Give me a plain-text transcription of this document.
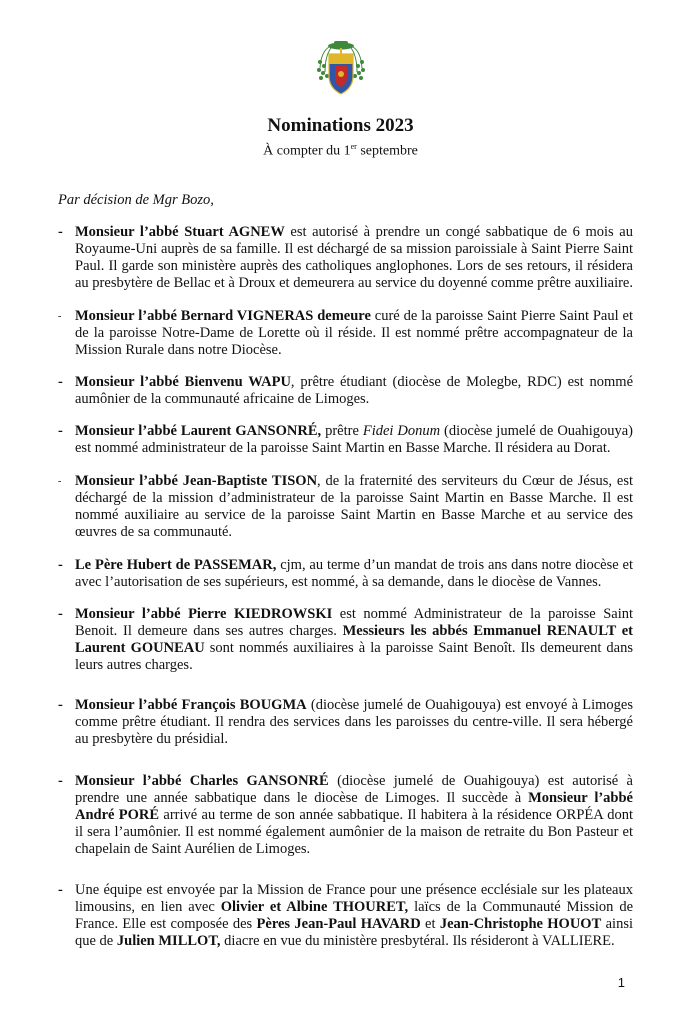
Nominations 2023
À compter du 1er septembre
Par décision de Mgr Bozo,
- Monsieur l’abbé Stuart AGNEW est autorisé à prendre un congé sabbatique de 6 mois au Royaume-Uni auprès de sa famille. Il est déchargé de sa mission paroissiale à Saint Pierre Saint Paul. Il garde son ministère auprès des catholiques anglophones. Lors de ses retours, il résidera au presbytère de Bellac et à Droux et demeurera au service du doyenné comme prêtre auxiliaire.
- Monsieur l’abbé Bernard VIGNERAS demeure curé de la paroisse Saint Pierre Saint Paul et de la paroisse Notre-Dame de Lorette où il réside. Il est nommé prêtre accompagnateur de la Mission Rurale dans notre Diocèse.
- Monsieur l’abbé Bienvenu WAPU, prêtre étudiant (diocèse de Molegbe, RDC) est nommé aumônier de la communauté africaine de Limoges.
- Monsieur l’abbé Laurent GANSONRÉ, prêtre Fidei Donum (diocèse jumelé de Ouahigouya) est nommé administrateur de la paroisse Saint Martin en Basse Marche. Il résidera au Dorat.
- Monsieur l’abbé Jean-Baptiste TISON, de la fraternité des serviteurs du Cœur de Jésus, est déchargé de la mission d’administrateur de la paroisse Saint Martin en Basse Marche. Il est nommé auxiliaire au service de la paroisse Saint Martin en Basse Marche et au service des œuvres de sa communauté.
- Le Père Hubert de PASSEMAR, cjm, au terme d’un mandat de trois ans dans notre diocèse et avec l’autorisation de ses supérieurs, est nommé, à sa demande, dans le diocèse de Vannes.
- Monsieur l’abbé Pierre KIEDROWSKI est nommé Administrateur de la paroisse Saint Benoit. Il demeure dans ses autres charges. Messieurs les abbés Emmanuel RENAULT et Laurent GOUNEAU sont nommés auxiliaires à la paroisse Saint Benoît. Ils demeurent dans leurs autres charges.
- Monsieur l’abbé François BOUGMA (diocèse jumelé de Ouahigouya) est envoyé à Limoges comme prêtre étudiant. Il rendra des services dans les paroisses du centre-ville. Il sera hébergé au presbytère du présidial.
- Monsieur l’abbé Charles GANSONRÉ (diocèse jumelé de Ouahigouya) est autorisé à prendre une année sabbatique dans le diocèse de Limoges. Il succède à Monsieur l’abbé André PORÉ arrivé au terme de son année sabbatique. Il habitera à la résidence ORPÉA dont il sera l’aumônier. Il est nommé également aumônier de la maison de retraite du Bon Pasteur et chapelain de Saint Aurélien de Limoges.
- Une équipe est envoyée par la Mission de France pour une présence ecclésiale sur les plateaux limousins, en lien avec Olivier et Albine THOURET, laïcs de la Communauté Mission de France. Elle est composée des Pères Jean-Paul HAVARD et Jean-Christophe HOUOT ainsi que de Julien MILLOT, diacre en vue du ministère presbytéral. Ils résideront à VALLIERE.
1
